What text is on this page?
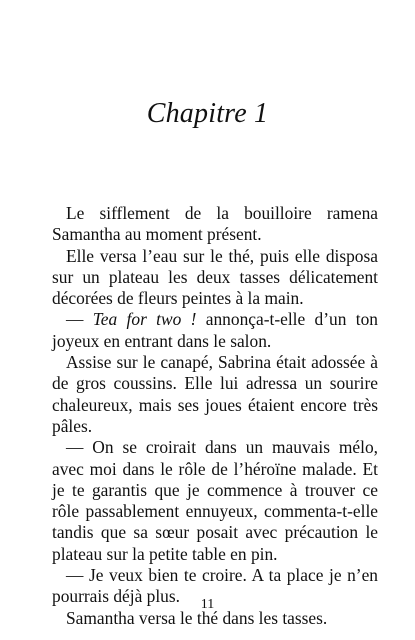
Chapitre 1

Le sifflement de la bouilloire ramena Samantha au moment présent.

Elle versa l’eau sur le thé, puis elle disposa sur un plateau les deux tasses délicatement décorées de fleurs peintes à la main.

— Tea for two ! annonça-t-elle d’un ton joyeux en entrant dans le salon.

Assise sur le canapé, Sabrina était adossée à de gros coussins. Elle lui adressa un sourire chaleureux, mais ses joues étaient encore très pâles.

— On se croirait dans un mauvais mélo, avec moi dans le rôle de l’héroïne malade. Et je te garantis que je commence à trouver ce rôle passablement ennuyeux, commenta-t-elle tandis que sa sœur posait avec précaution le plateau sur la petite table en pin.

— Je veux bien te croire. A ta place je n’en pourrais déjà plus.

Samantha versa le thé dans les tasses.

11
